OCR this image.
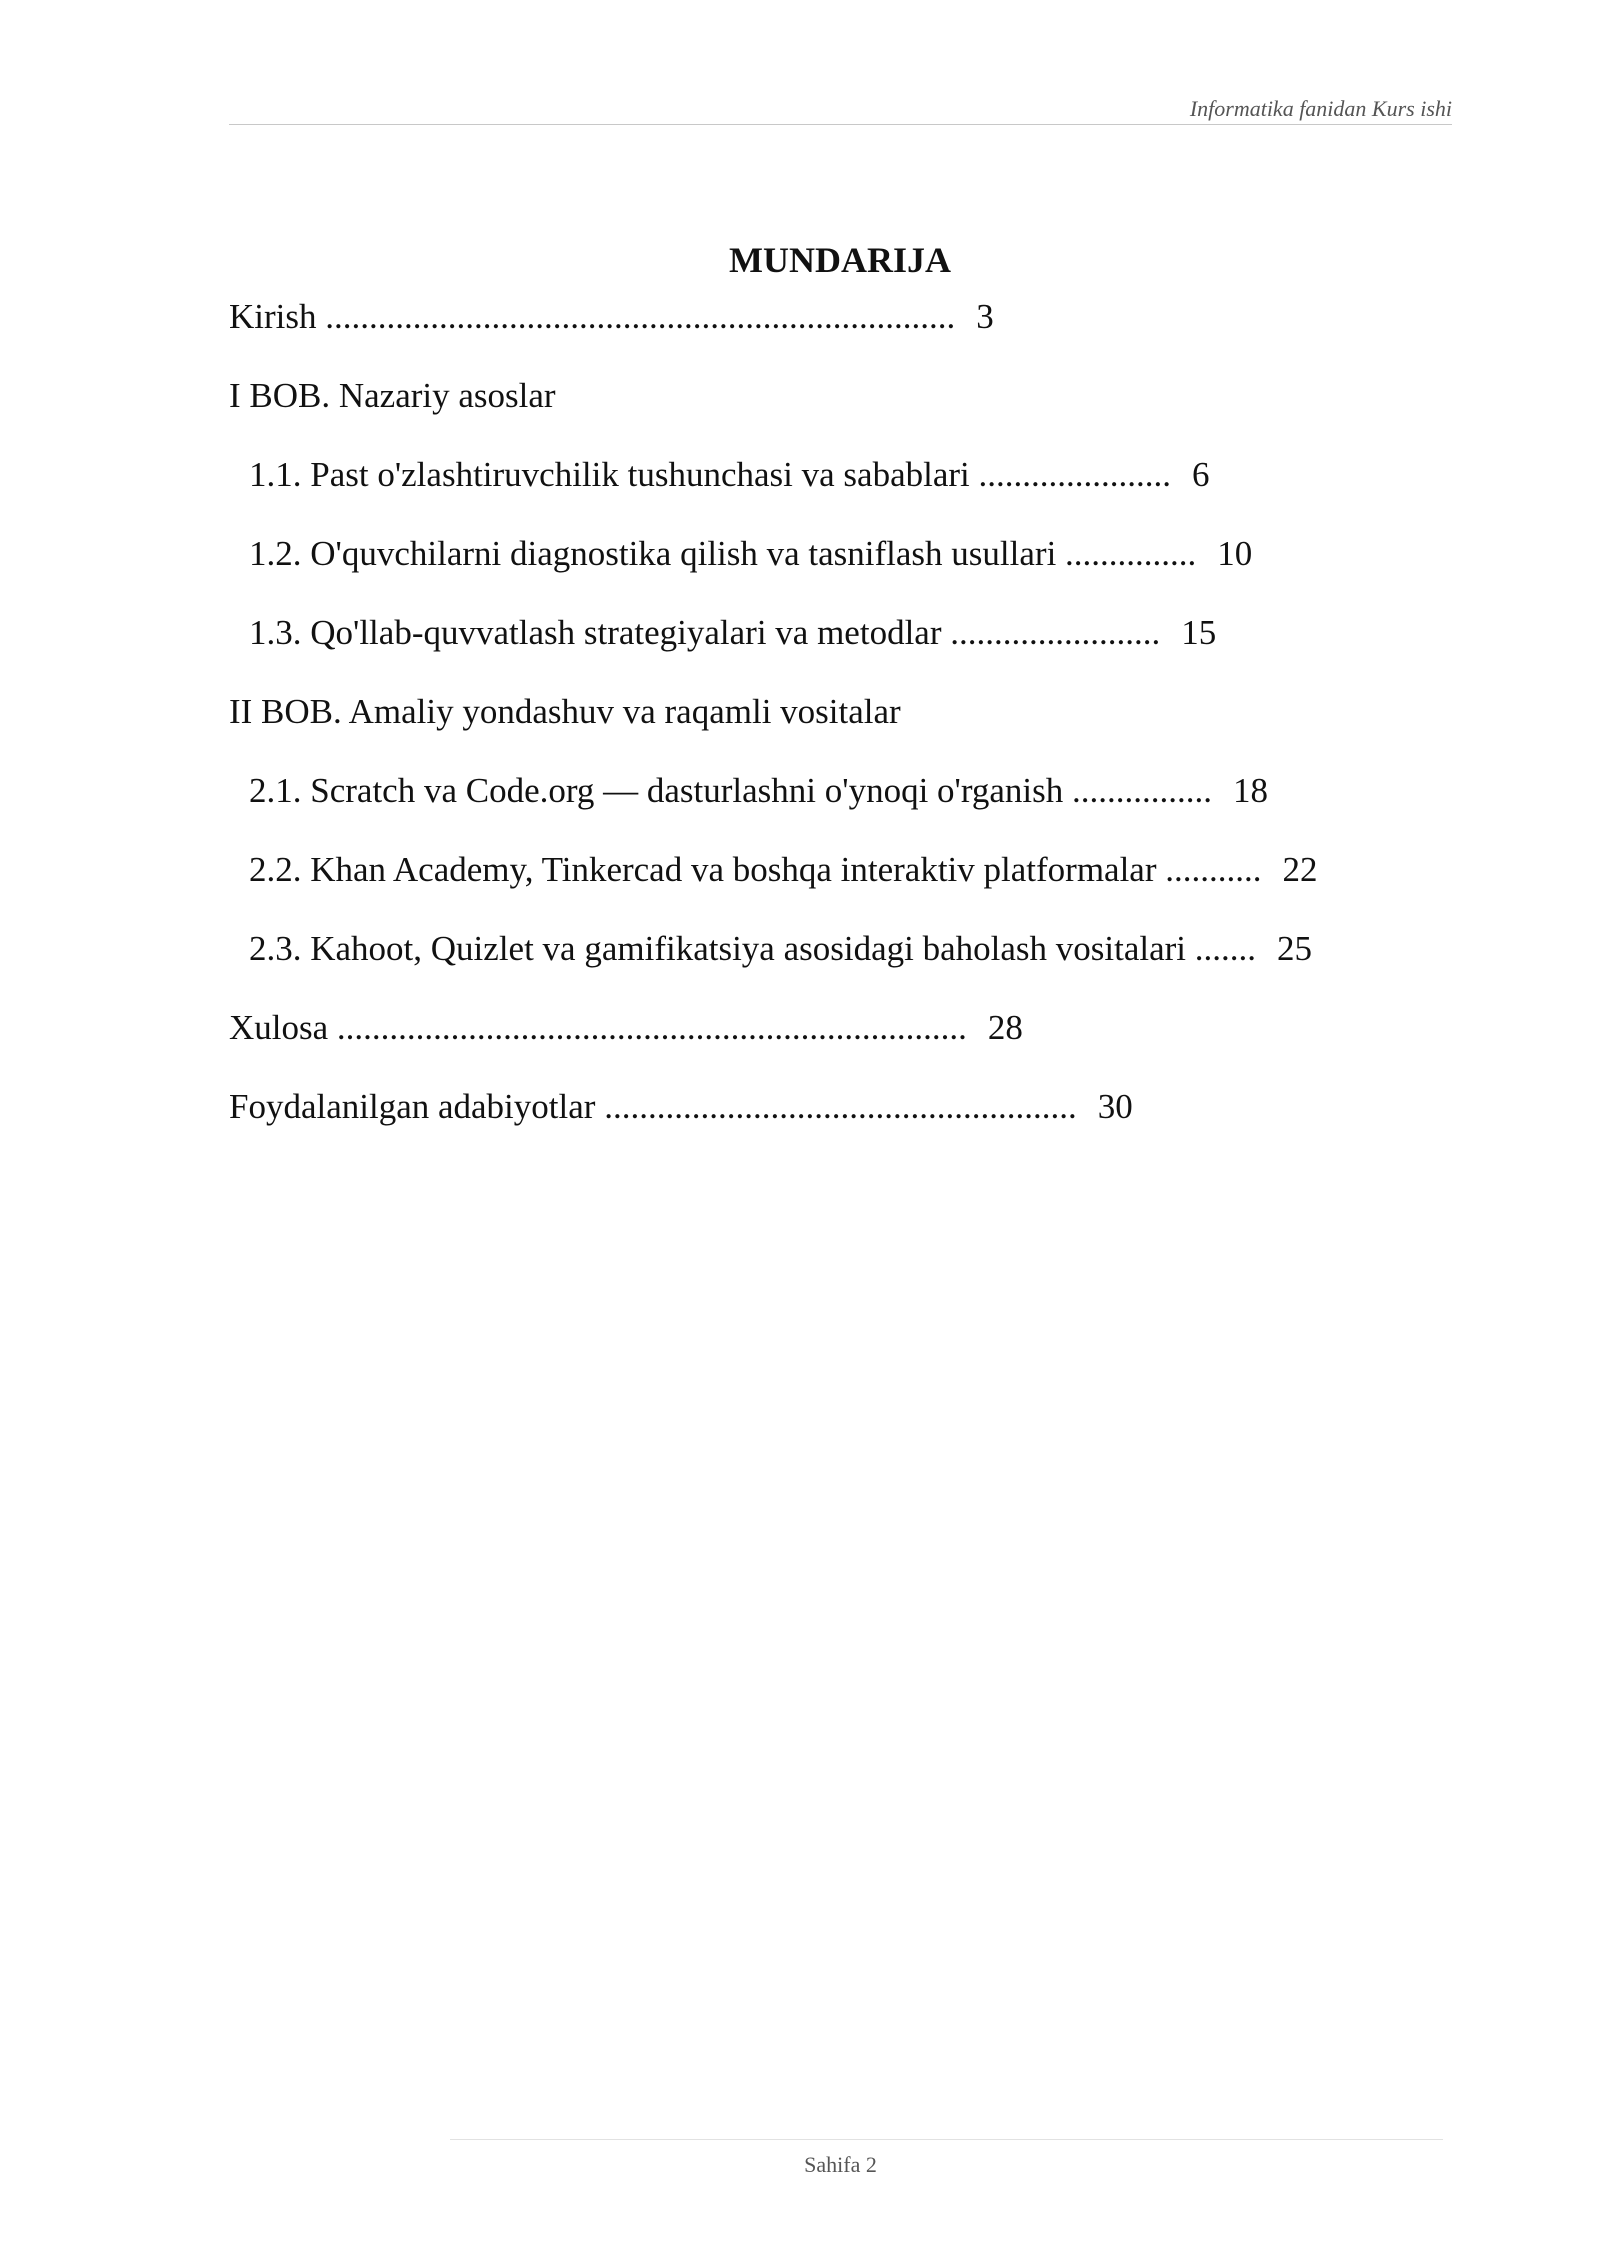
Informatika fanidan Kurs ishi
MUNDARIJA
Kirish ........................................................................ 3
I BOB. Nazariy asoslar
1.1. Past o'zlashtiruvchilik tushunchasi va sabablari ...................... 6
1.2. O'quvchilarni diagnostika qilish va tasniflash usullari ............... 10
1.3. Qo'llab-quvvatlash strategiyalari va metodlar ........................ 15
II BOB. Amaliy yondashuv va raqamli vositalar
2.1. Scratch va Code.org — dasturlashni o'ynoqi o'rganish ................ 18
2.2. Khan Academy, Tinkercad va boshqa interaktiv platformalar ........... 22
2.3. Kahoot, Quizlet va gamifikatsiya asosidagi baholash vositalari ....... 25
Xulosa ........................................................................ 28
Foydalanilgan adabiyotlar ...................................................... 30
Sahifa 2
